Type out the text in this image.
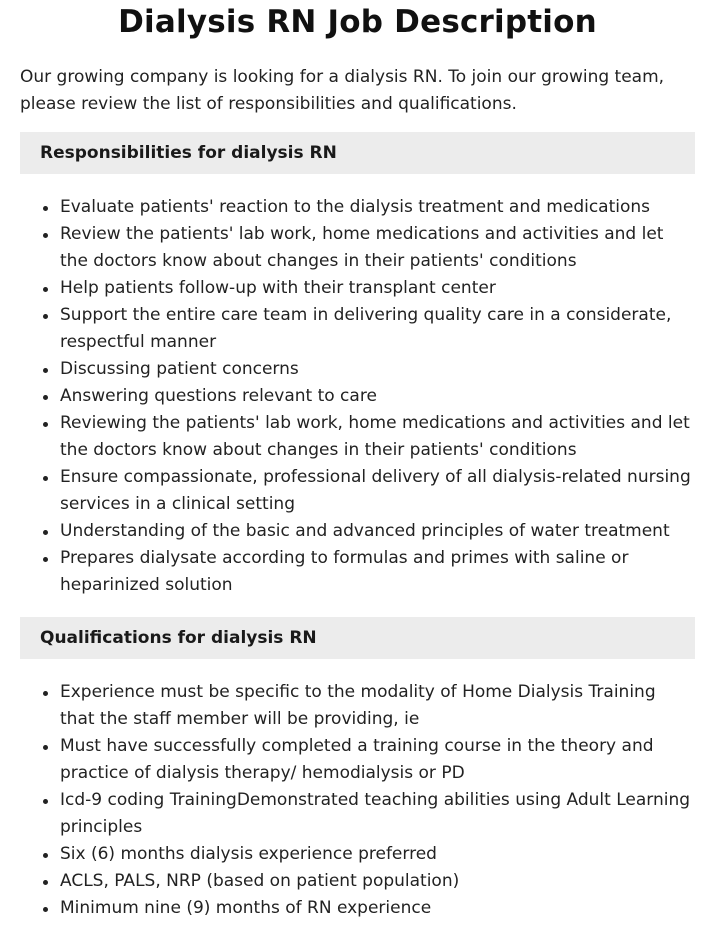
Dialysis RN Job Description

Our growing company is looking for a dialysis RN. To join our growing team, please review the list of responsibilities and qualifications.

Responsibilities for dialysis RN
Evaluate patients' reaction to the dialysis treatment and medications
Review the patients' lab work, home medications and activities and let the doctors know about changes in their patients' conditions
Help patients follow-up with their transplant center
Support the entire care team in delivering quality care in a considerate, respectful manner
Discussing patient concerns
Answering questions relevant to care
Reviewing the patients' lab work, home medications and activities and let the doctors know about changes in their patients' conditions
Ensure compassionate, professional delivery of all dialysis-related nursing services in a clinical setting
Understanding of the basic and advanced principles of water treatment
Prepares dialysate according to formulas and primes with saline or heparinized solution
Qualifications for dialysis RN
Experience must be specific to the modality of Home Dialysis Training that the staff member will be providing, ie
Must have successfully completed a training course in the theory and practice of dialysis therapy/ hemodialysis or PD
Icd-9 coding TrainingDemonstrated teaching abilities using Adult Learning principles
Six (6) months dialysis experience preferred
ACLS, PALS, NRP (based on patient population)
Minimum nine (9) months of RN experience
